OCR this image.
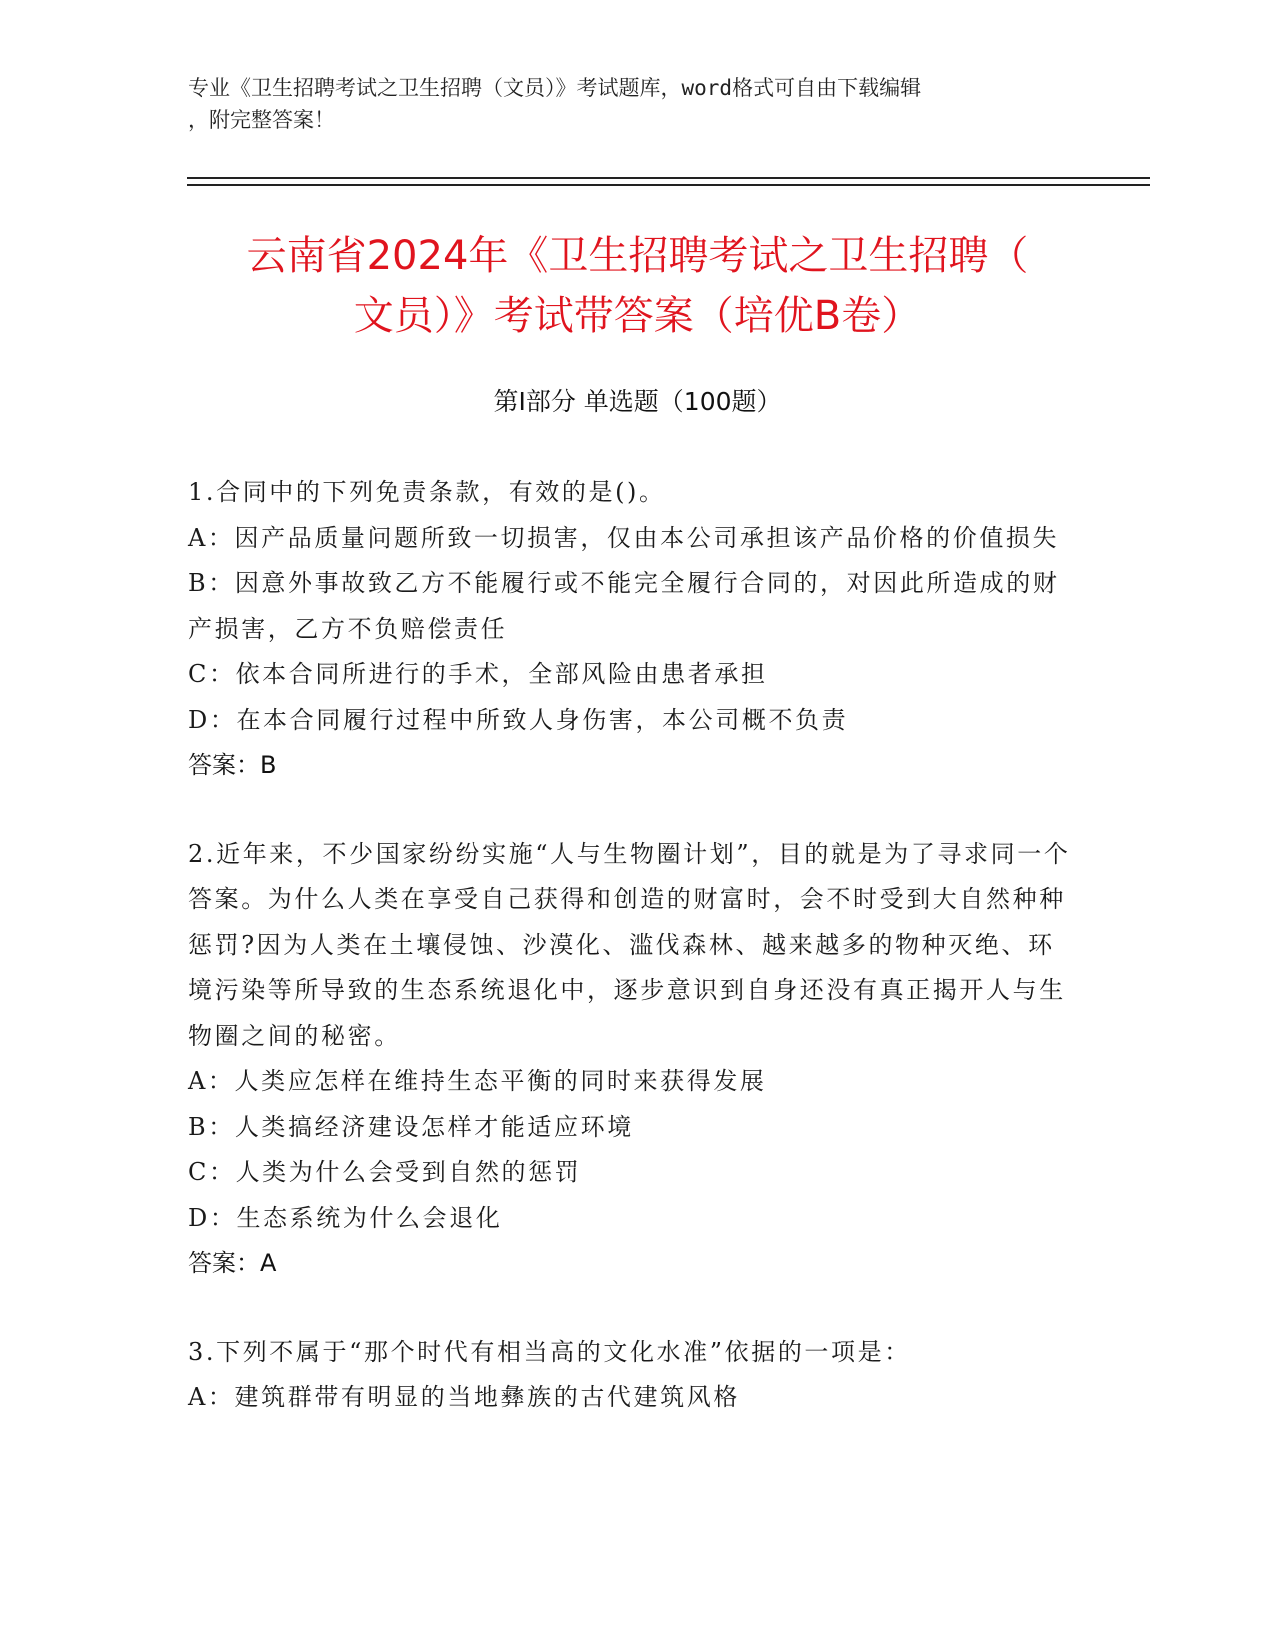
专业《卫生招聘考试之卫生招聘（文员）》考试题库，word格式可自由下载编辑
，附完整答案！
云南省2024年《卫生招聘考试之卫生招聘（
文员）》考试带答案（培优B卷）
第Ⅰ部分 单选题（100题）
1.合同中的下列免责条款，有效的是()。
A：因产品质量问题所致一切损害，仅由本公司承担该产品价格的价值损失
B：因意外事故致乙方不能履行或不能完全履行合同的，对因此所造成的财产损害，乙方不负赔偿责任
C：依本合同所进行的手术，全部风险由患者承担
D：在本合同履行过程中所致人身伤害，本公司概不负责
答案：B
2.近年来，不少国家纷纷实施“人与生物圈计划”，目的就是为了寻求同一个答案。为什么人类在享受自己获得和创造的财富时，会不时受到大自然种种惩罚?因为人类在土壤侵蚀、沙漠化、滥伐森林、越来越多的物种灭绝、环境污染等所导致的生态系统退化中，逐步意识到自身还没有真正揭开人与生物圈之间的秘密。
A：人类应怎样在维持生态平衡的同时来获得发展
B：人类搞经济建设怎样才能适应环境
C：人类为什么会受到自然的惩罚
D：生态系统为什么会退化
答案：A
3.下列不属于“那个时代有相当高的文化水准”依据的一项是：
A：建筑群带有明显的当地彝族的古代建筑风格
